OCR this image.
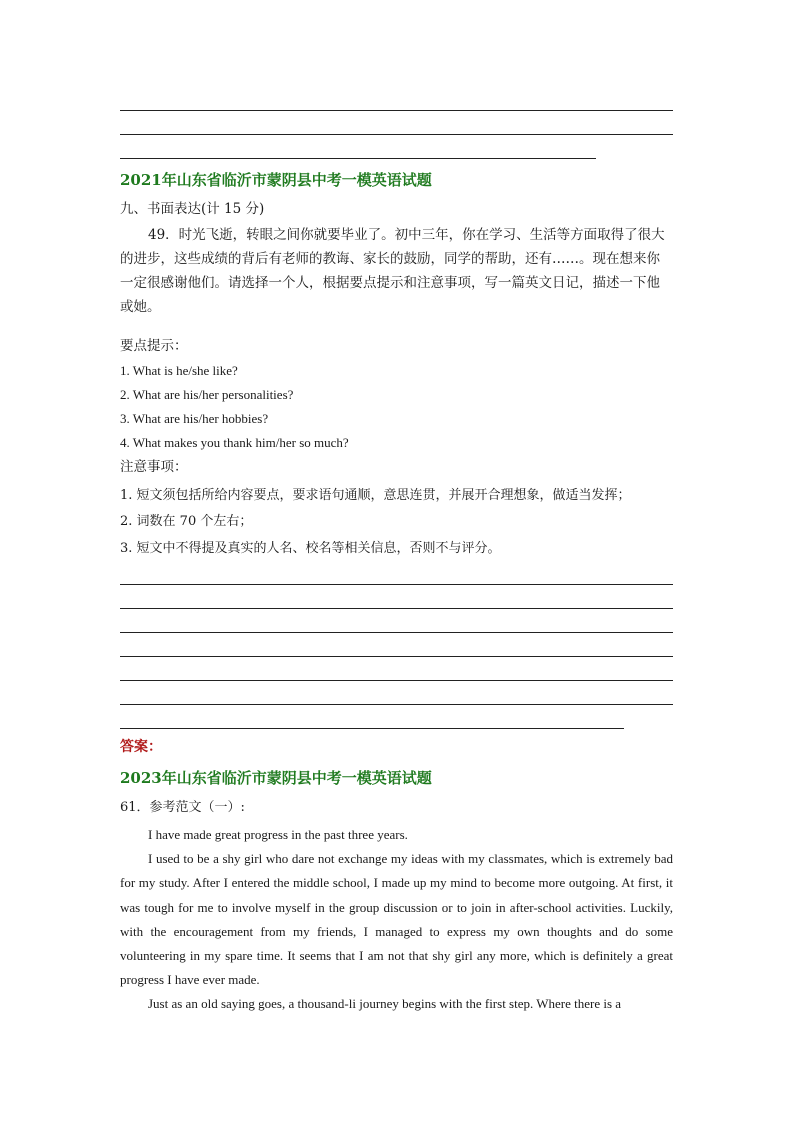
2021年山东省临沂市蒙阴县中考一模英语试题
九、书面表达(计 15 分)
49．时光飞逝，转眼之间你就要毕业了。初中三年，你在学习、生活等方面取得了很大的进步，这些成绩的背后有老师的教诲、家长的鼓励，同学的帮助，还有……。现在想来你一定很感谢他们。请选择一个人，根据要点提示和注意事项，写一篇英文日记，描述一下他或她。
要点提示：
1. What is he/she like?
2. What are his/her personalities?
3. What are his/her hobbies?
4. What makes you thank him/her so much?
注意事项：
1. 短文须包括所给内容要点，要求语句通顺，意思连贯，并展开合理想象，做适当发挥；
2. 词数在 70 个左右；
3. 短文中不得提及真实的人名、校名等相关信息，否则不与评分。
答案：
2023年山东省临沂市蒙阴县中考一模英语试题
61．参考范文（一）:

I have made great progress in the past three years.

I used to be a shy girl who dare not exchange my ideas with my classmates, which is extremely bad for my study. After I entered the middle school, I made up my mind to become more outgoing. At first, it was tough for me to involve myself in the group discussion or to join in after-school activities. Luckily, with the encouragement from my friends, I managed to express my own thoughts and do some volunteering in my spare time. It seems that I am not that shy girl any more, which is definitely a great progress I have ever made.

Just as an old saying goes, a thousand-li journey begins with the first step. Where there is a
